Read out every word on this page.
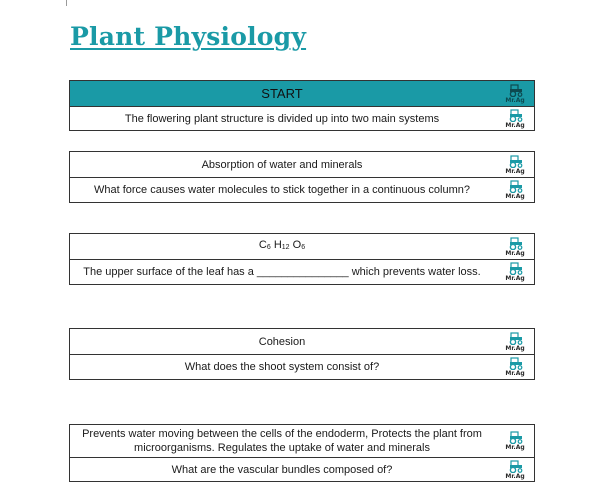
Plant Physiology
START	Mr.Ag
The flowering plant structure is divided up into two main systems
Mr.Ag
Absorption of water and minerals
Mr.Ag
What force causes water molecules to stick together in a continuous column?
Mr.Ag
$C_6$ $H_{12}$ $O_6$
Mr.Ag
The upper surface of the leaf has a _______________ which prevents water loss.
Mr.Ag
Cohesion
Mr.Ag
What does the shoot system consist of?
Mr.Ag
Prevents water moving between the cells of the endoderm, Protects the plant from microorganisms. Regulates the uptake of water and minerals	Mr.Ag
What are the vascular bundles composed of?
Mr.Ag
